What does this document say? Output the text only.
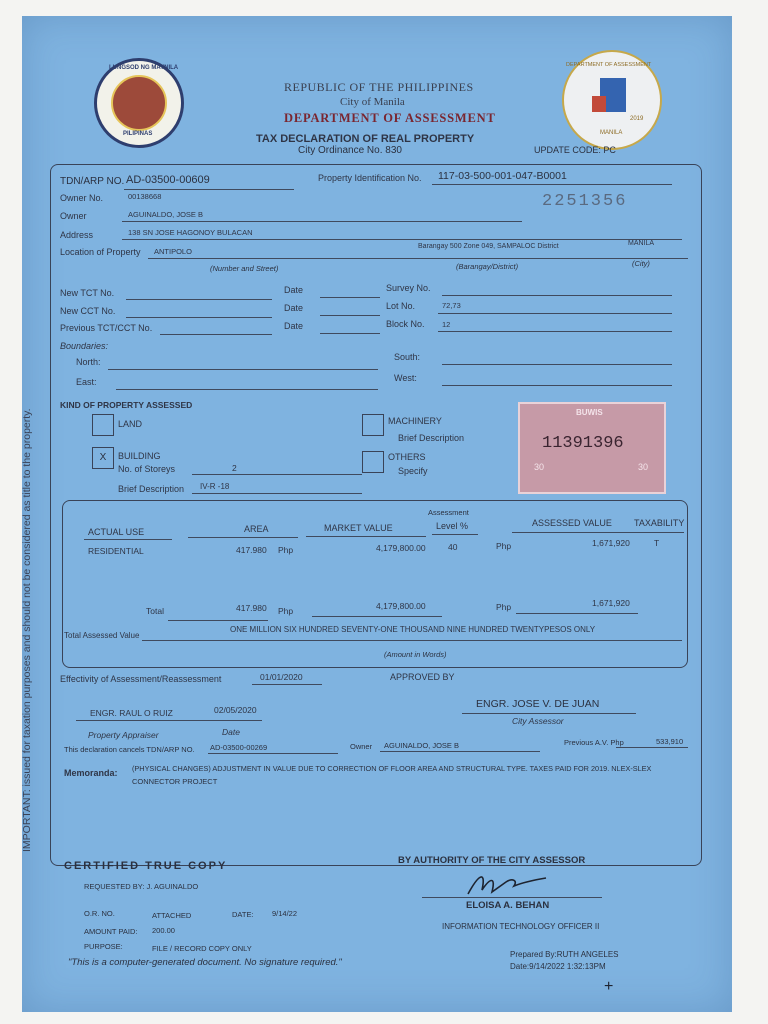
LUNGSOD NG MAYNILA
PILIPINAS
DEPARTMENT OF ASSESSMENT
2019
MANILA
REPUBLIC OF THE PHILIPPINES
City of Manila
DEPARTMENT OF ASSESSMENT
TAX DECLARATION OF REAL PROPERTY
City Ordinance No. 830	UPDATE CODE: PC
TDN/ARP NO. AD-03500-00609	Property Identification No. 117-03-500-001-047-B0001
2251356
Owner No.	00138668
Owner	AGUINALDO, JOSE B
Address	138 SN JOSE HAGONOY BULACAN
Location of Property ANTIPOLO
Barangay 500 Zone 049, SAMPALOC District	MANILA
(Number and Street)	(Barangay/District)	(City)
New TCT No.	Date	Survey No.
New CCT No.	Date	Lot No.	72,73
Previous TCT/CCT No.	Date	Block No. 12
Boundaries:
North:	South:
East:	West:
KIND OF PROPERTY ASSESSED
LAND
X	BUILDING
No. of Storeys	2
Brief Description IV-R -18
MACHINERY
Brief Description
OTHERS
Specify
BUWIS
11391396
30	30
Assessment
ACTUAL USE	AREA	MARKET VALUE	Level %	ASSESSED VALUE TAXABILITY
RESIDENTIAL	417.980 Php	4,179,800.00	40	Php	1,671,920	T
Total	417.980 Php	4,179,800.00	Php	1,671,920
Total Assessed Value
ONE MILLION SIX HUNDRED SEVENTY-ONE THOUSAND NINE HUNDRED TWENTYPESOS ONLY
(Amount in Words)
Effectivity of Assessment/Reassessment	01/01/2020	APPROVED BY
ENGR. RAUL O RUIZ	02/05/2020
Property Appraiser	Date
ENGR. JOSE V. DE JUAN
City Assessor
This declaration cancels TDN/ARP NO. AD-03500-00269	Owner AGUINALDO, JOSE B	Previous A.V. Php	533,910
Memoranda: (PHYSICAL CHANGES) ADJUSTMENT IN VALUE DUE TO CORRECTION OF FLOOR AREA AND STRUCTURAL TYPE. TAXES PAID FOR 2019. NLEX-SLEX
CONNECTOR PROJECT
CERTIFIED TRUE COPY
REQUESTED BY: J. AGUINALDO
O.R. NO.	ATTACHED	DATE: 9/14/22
AMOUNT PAID: 200.00
PURPOSE:	FILE / RECORD COPY ONLY
"This is a computer-generated document. No signature required."
BY AUTHORITY OF THE CITY ASSESSOR
ELOISA A. BEHAN
INFORMATION TECHNOLOGY OFFICER II
Prepared By:RUTH ANGELES
Date:9/14/2022 1:32:13PM
+
IMPORTANT: issued for taxation purposes and should not be considered as title to the property.
